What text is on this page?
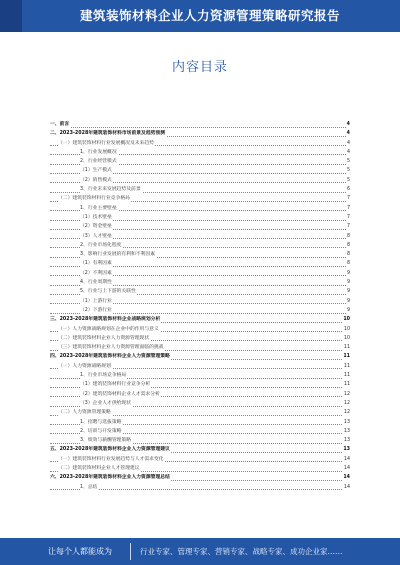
建筑装饰材料企业人力资源管理策略研究报告
内容目录
一、前言	4
二、2023-2028年建筑装饰材料市场前景及趋势预测	4
（一）建筑装饰材料行业发展概况及未来趋势	4
1、行业发展概况	4
2、行业经营模式	5
（1）生产模式	5
（2）销售模式	5
3、行业未来发展趋势及前景	6
（二）建筑装饰材料行业竞争格局	7
1、行业主要壁垒	7
（1）技术壁垒	7
（2）资金壁垒	7
（3）人才壁垒	8
2、行业市场化程度	8
3、影响行业发展的有利和不利因素	8
（1）有利因素	8
（2）不利因素	9
4、行业周期性	9
5、行业与上下游的关联性	9
（1）上游行业	9
（2）下游行业	9
三、2023-2028年建筑装饰材料企业战略规划分析	10
（一）人力资源战略规划在企业中的作用与意义	10
（二）建筑装饰材料企业人力资源管理现状	10
（三）建筑装饰材料企业人力资源管理面临的挑战	11
四、2023-2028年建筑装饰材料企业人力资源管理策略	11
（一）人力资源战略规划	11
1、行业市场竞争格局	11
（1）建筑装饰材料行业竞争分析	11
（2）建筑装饰材料企业人才需求分析	12
（3）企业人才供给现状	12
（二）人力资源管理策略	12
1、招聘与选拔策略	13
2、培训与开发策略	13
3、绩效与薪酬管理策略	13
五、2023-2028年建筑装饰材料企业人力资源管理建议	13
（一）建筑装饰材料行业发展趋势与人才需求变化	14
（二）建筑装饰材料企业人才管理建议	14
六、2023-2028年建筑装饰材料企业人力资源管理总结	14
1、总结	14
让每个人都能成为	行业专家、管理专家、营销专家、战略专家、成功企业家……
